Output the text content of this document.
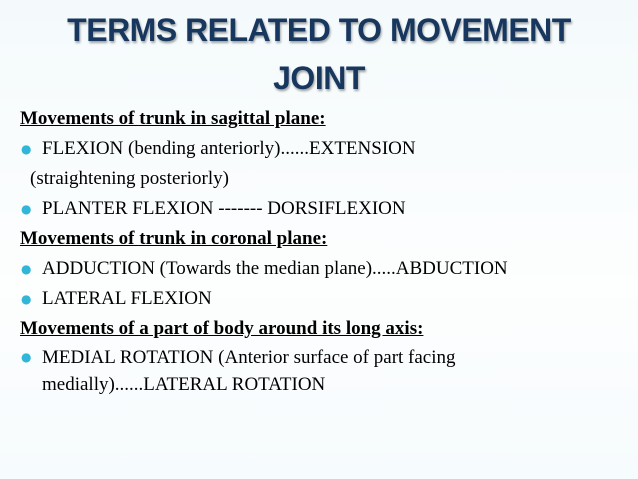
TERMS RELATED TO MOVEMENT
JOINT
Movements of trunk in sagittal plane:
● FLEXION (bending anteriorly)......EXTENSION
(straightening posteriorly)
● PLANTER FLEXION ------- DORSIFLEXION
Movements of trunk in coronal plane:
● ADDUCTION (Towards the median plane).....ABDUCTION
● LATERAL FLEXION
Movements of a part of body around its long axis:
● MEDIAL ROTATION (Anterior surface of part facing medially)......LATERAL ROTATION
